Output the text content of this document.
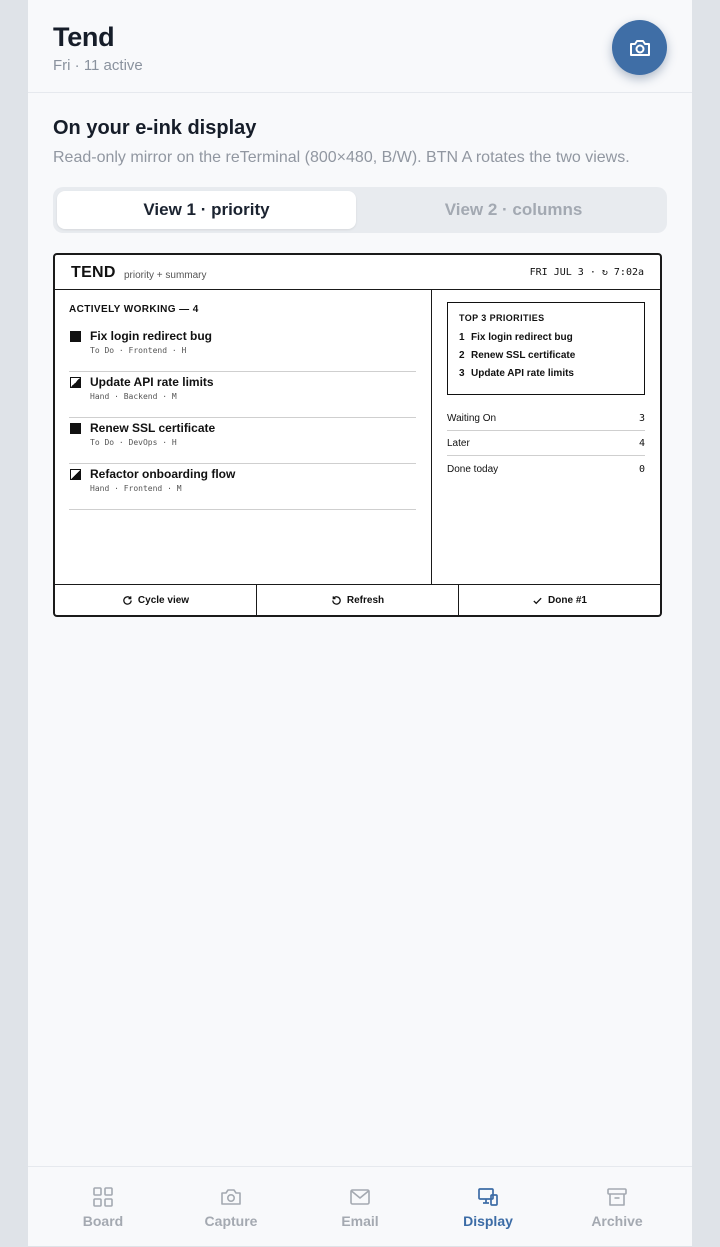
Tend
Fri · 11 active
On your e-ink display
Read-only mirror on the reTerminal (800×480, B/W). BTN A rotates the two views.
View 1 · priority	View 2 · columns
TEND priority + summary	FRI JUL 3 · ↻ 7:02a
ACTIVELY WORKING — 4
Fix login redirect bug
To Do · Frontend · H
Update API rate limits
Hand · Backend · M
Renew SSL certificate
To Do · DevOps · H
Refactor onboarding flow
Hand · Frontend · M
TOP 3 PRIORITIES
1 Fix login redirect bug
2 Renew SSL certificate
3 Update API rate limits
Waiting On	3
Later	4
Done today	0
Cycle view	Refresh	Done #1
Board	Capture	Email	Display	Archive
